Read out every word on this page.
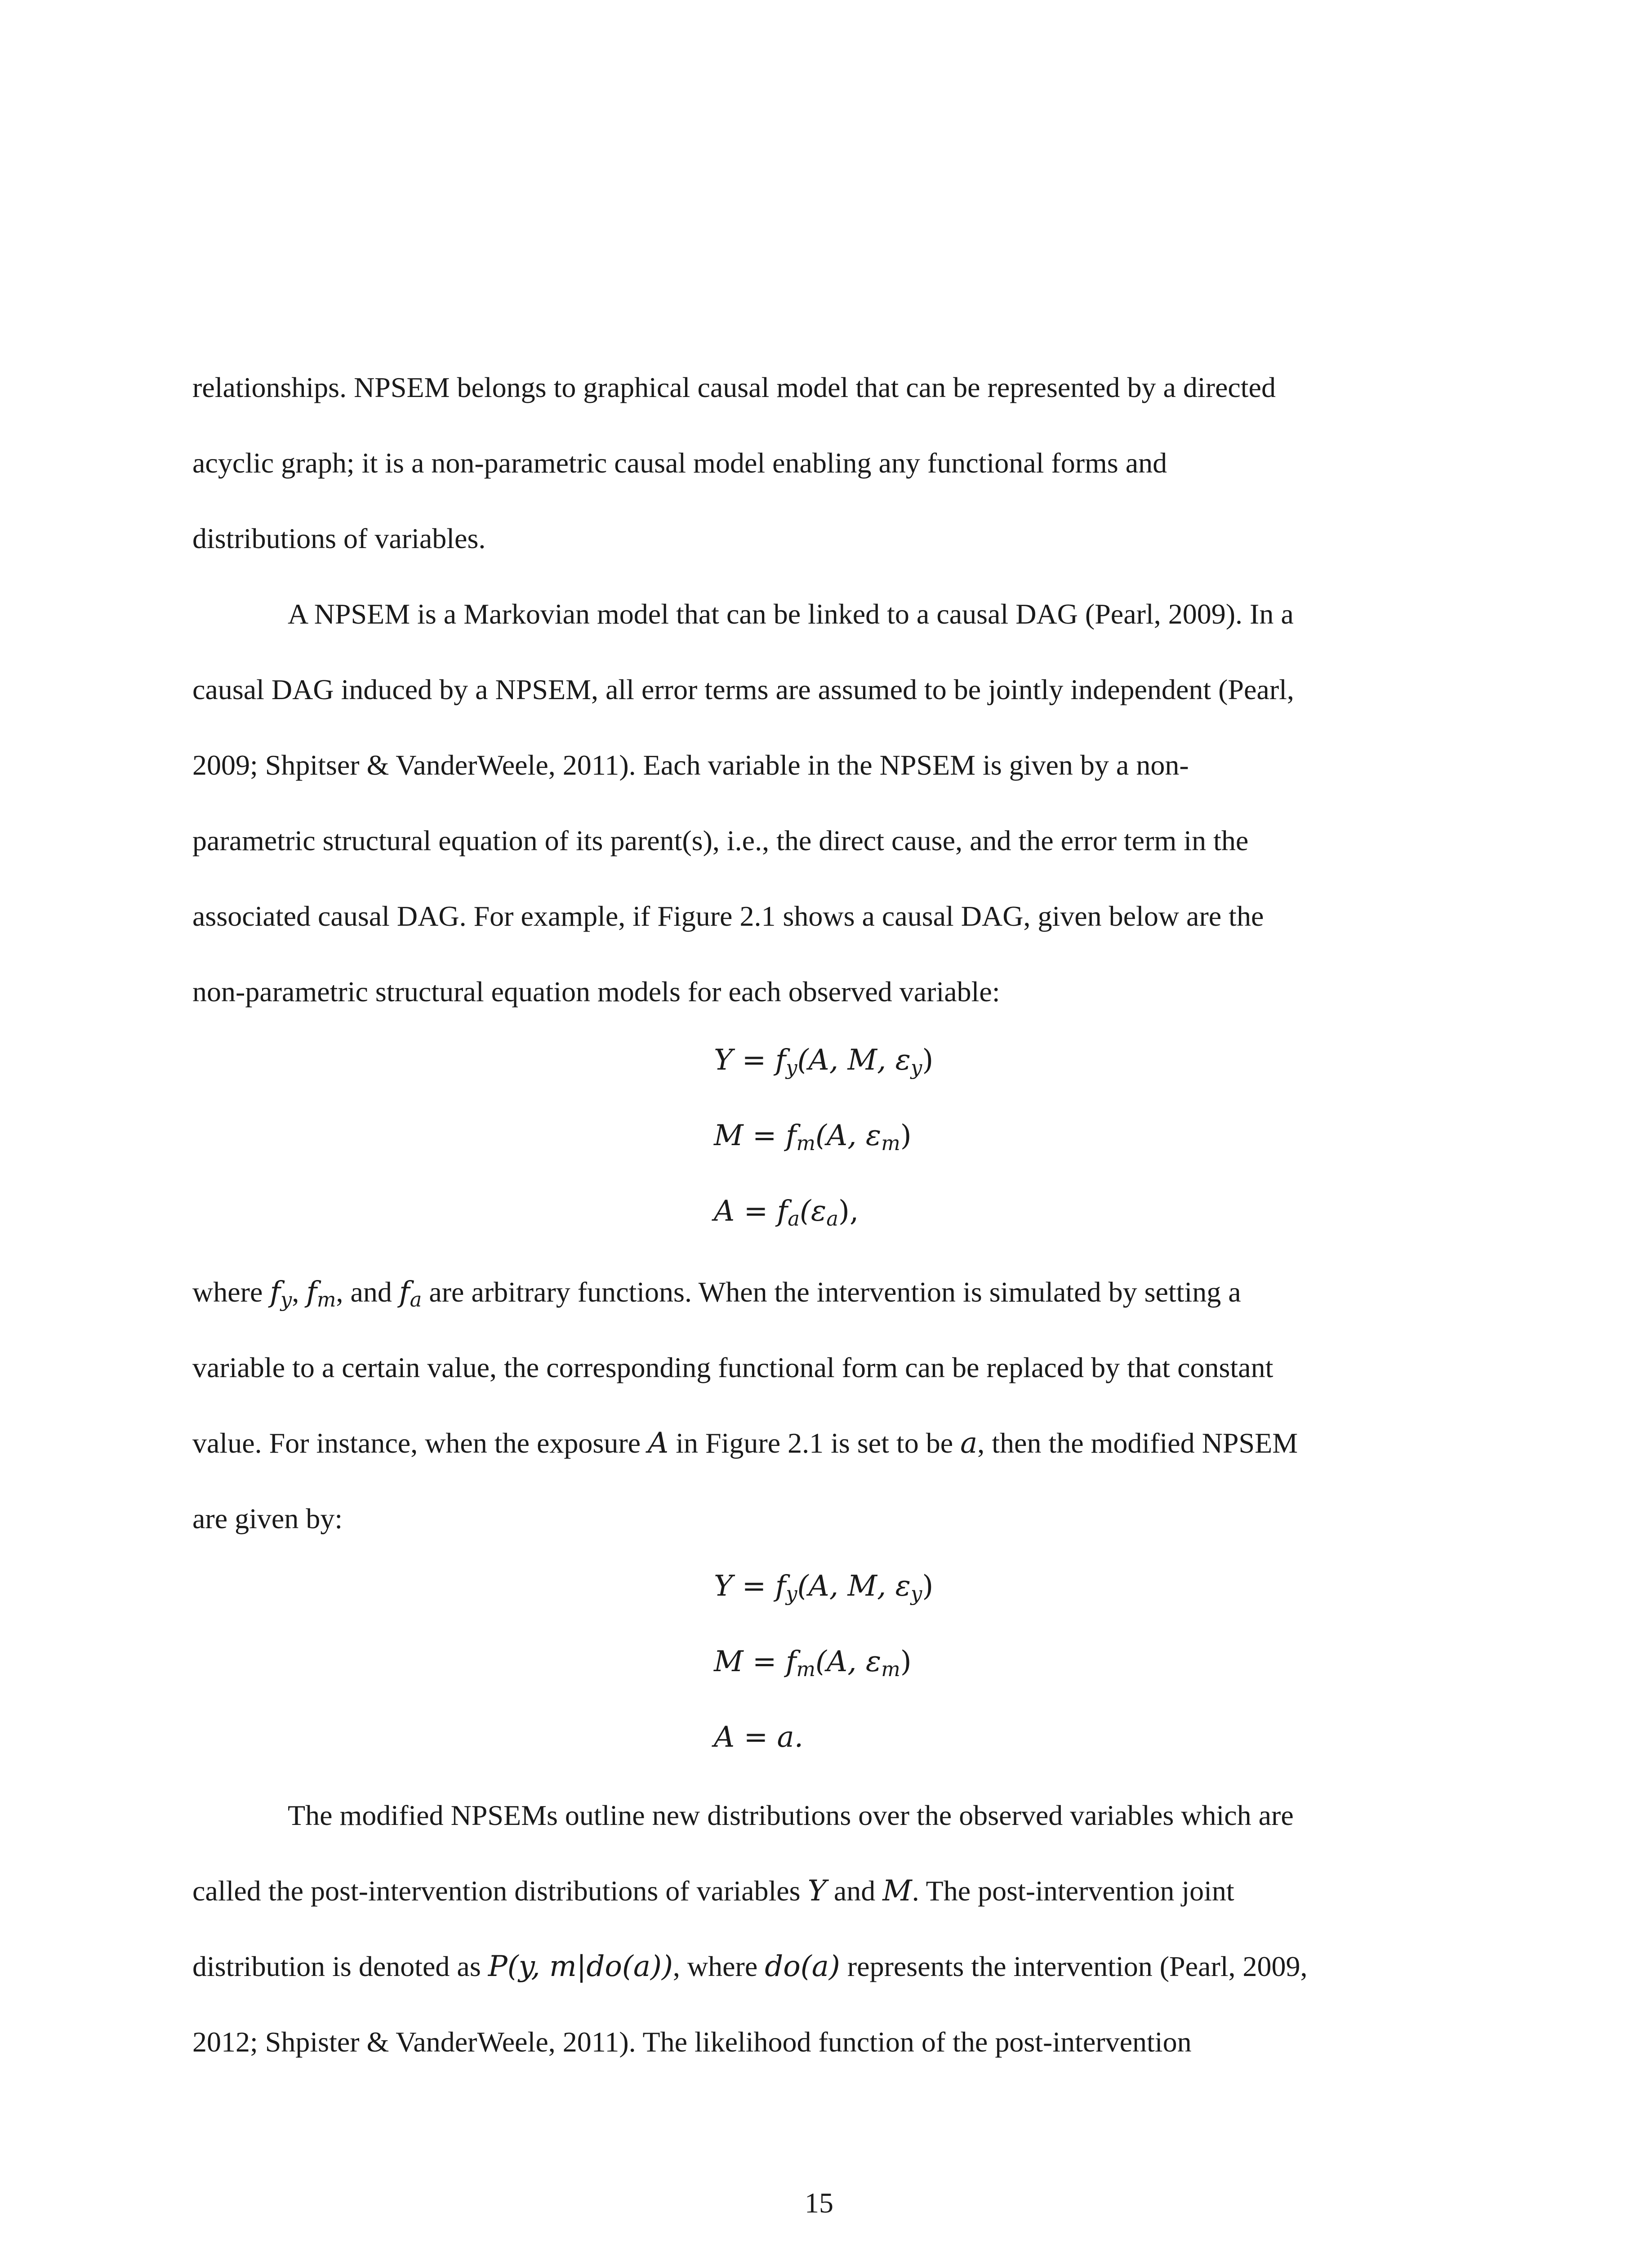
relationships. NPSEM belongs to graphical causal model that can be represented by a directed
acyclic graph; it is a non-parametric causal model enabling any functional forms and
distributions of variables.
A NPSEM is a Markovian model that can be linked to a causal DAG (Pearl, 2009). In a
causal DAG induced by a NPSEM, all error terms are assumed to be jointly independent (Pearl,
2009; Shpitser & VanderWeele, 2011). Each variable in the NPSEM is given by a non-
parametric structural equation of its parent(s), i.e., the direct cause, and the error term in the
associated causal DAG. For example, if Figure 2.1 shows a causal DAG, given below are the
non-parametric structural equation models for each observed variable:
$Y = f_y(A$, M, $\varepsilon_y$)
$M = f_m(A$, $\varepsilon_m$)
$A = f_a(\varepsilon_a)$,
where $f_y$, $f_m$, and $f_a$ are arbitrary functions. When the intervention is simulated by setting a
variable to a certain value, the corresponding functional form can be replaced by that constant
value. For instance, when the exposure A in Figure 2.1 is set to be a, then the modified NPSEM
are given by:
$Y = f_y(A$, M, $\varepsilon_y$)
$M = f_m(A$, $\varepsilon_m$)
A = a.
The modified NPSEMs outline new distributions over the observed variables which are
called the post-intervention distributions of variables Y and M. The post-intervention joint
distribution is denoted as P(y, m|do(a)), where do(a) represents the intervention (Pearl, 2009,
2012; Shpister & VanderWeele, 2011). The likelihood function of the post-intervention
15
